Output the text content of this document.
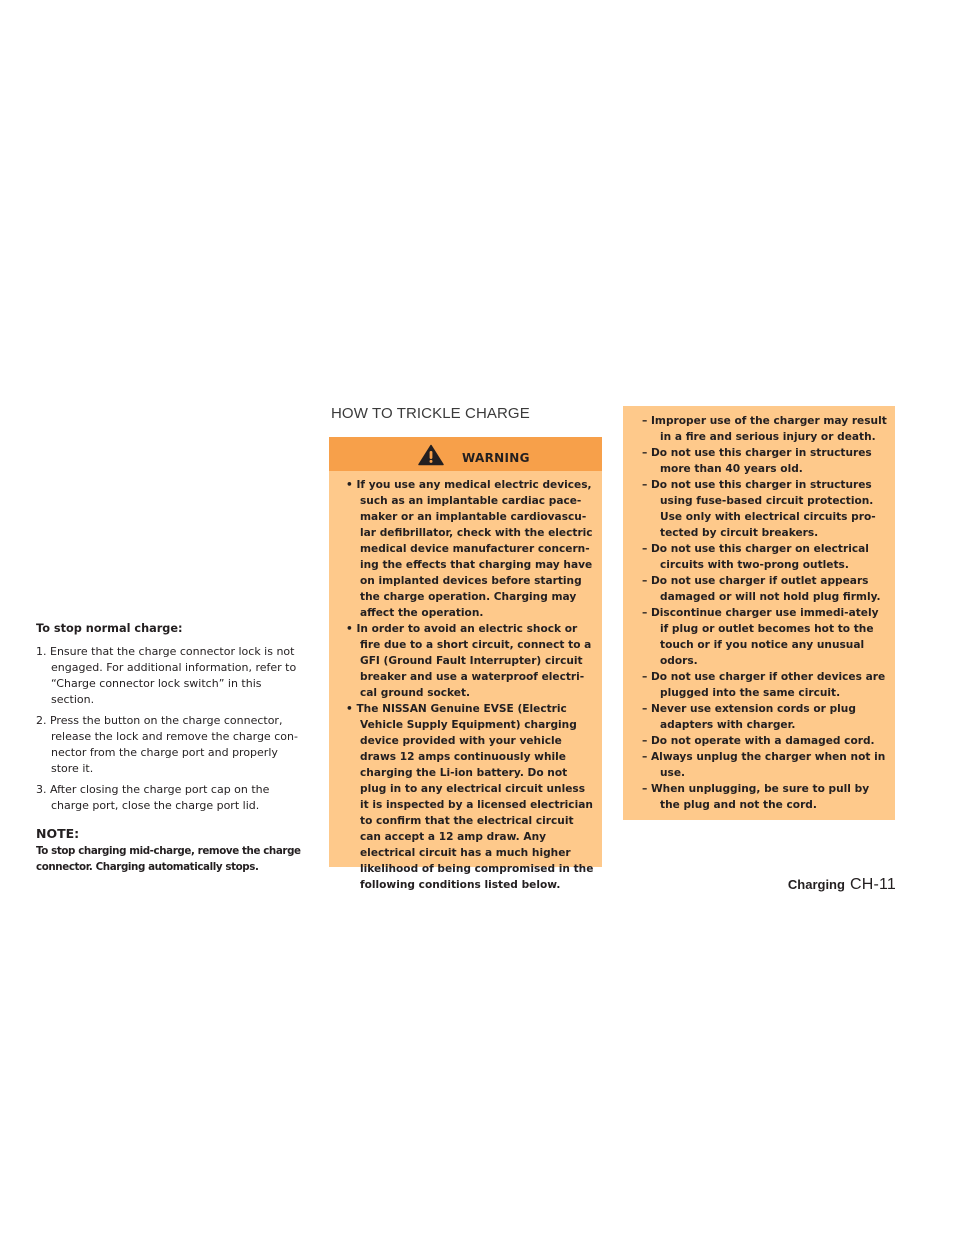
To stop normal charge:
1. Ensure that the charge connector lock is not engaged. For additional information, refer to “Charge connector lock switch” in this section.
2. Press the button on the charge connector, release the lock and remove the charge con-nector from the charge port and properly store it.
3. After closing the charge port cap on the charge port, close the charge port lid.
NOTE:
To stop charging mid-charge, remove the charge connector. Charging automatically stops.
HOW TO TRICKLE CHARGE
WARNING
• If you use any medical electric devices, such as an implantable cardiac pace-maker or an implantable cardiovascu-lar defibrillator, check with the electric medical device manufacturer concern-ing the effects that charging may have on implanted devices before starting the charge operation. Charging may affect the operation.
• In order to avoid an electric shock or fire due to a short circuit, connect to a GFI (Ground Fault Interrupter) circuit breaker and use a waterproof electri-cal ground socket.
• The NISSAN Genuine EVSE (Electric Vehicle Supply Equipment) charging device provided with your vehicle draws 12 amps continuously while charging the Li-ion battery. Do not plug in to any electrical circuit unless it is inspected by a licensed electrician to confirm that the electrical circuit can accept a 12 amp draw. Any electrical circuit has a much higher likelihood of being compromised in the following conditions listed below.
– Improper use of the charger may result in a fire and serious injury or death.
– Do not use this charger in structures more than 40 years old.
– Do not use this charger in structures using fuse-based circuit protection. Use only with electrical circuits pro-tected by circuit breakers.
– Do not use this charger on electrical circuits with two-prong outlets.
– Do not use charger if outlet appears damaged or will not hold plug firmly.
– Discontinue charger use immedi-ately if plug or outlet becomes hot to the touch or if you notice any unusual odors.
– Do not use charger if other devices are plugged into the same circuit.
– Never use extension cords or plug adapters with charger.
– Do not operate with a damaged cord.
– Always unplug the charger when not in use.
– When unplugging, be sure to pull by the plug and not the cord.
Charging CH-11
